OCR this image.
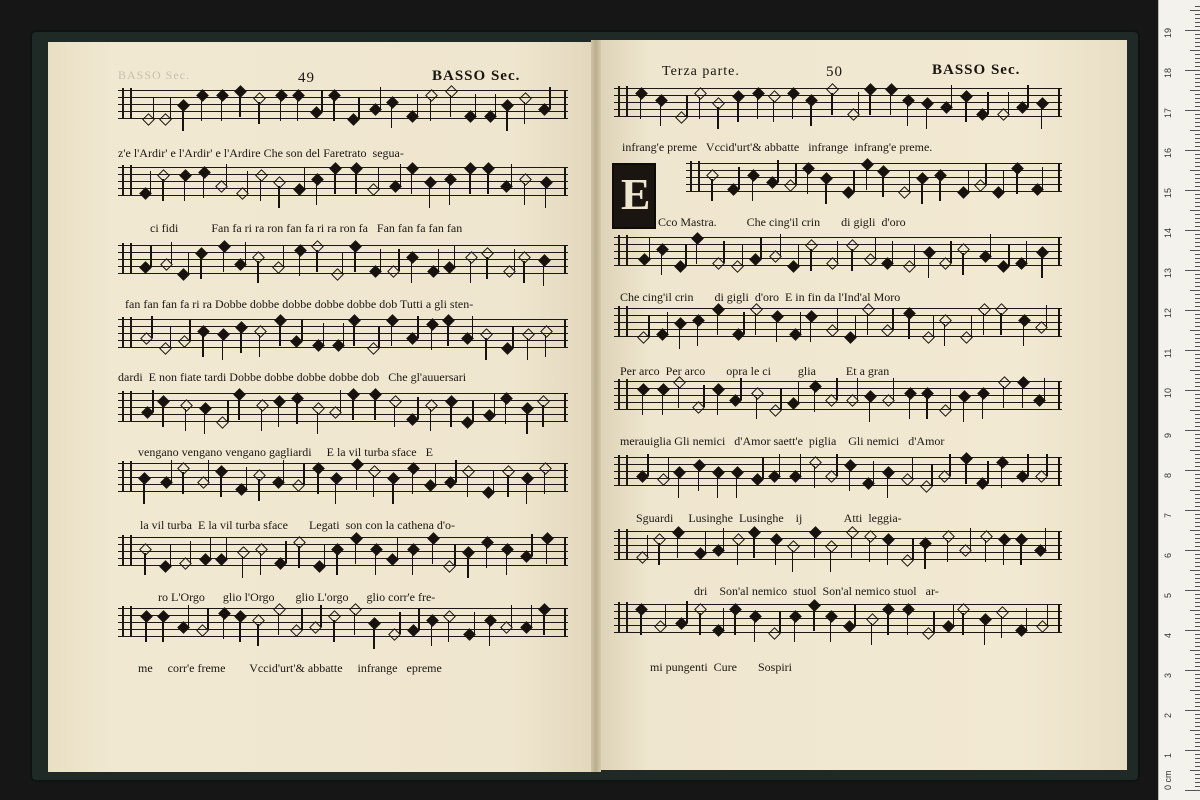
BASSO Sec.	49	BASSO Sec.	Terza parte.	50	BASSO Sec.
E
z'e l'Ardir' e l'Ardir' e l'Ardire Che son del Faretrato  segua-
ci fidi           Fan fa ri ra ron fan fa ri ra ron fa   Fan fan fa fan fan
fan fan fan fa ri ra Dobbe dobbe dobbe dobbe dobbe dob Tutti a gli sten-
dardi  E non fiate tardi Dobbe dobbe dobbe dobbe dob   Che gl'auuersari
vengano vengano vengano gagliardi     E la vil turba sface   E
la vil turba  E la vil turba sface       Legati  son con la cathena d'o-
ro L'Orgo      glio l'Orgo       glio L'orgo      glio corr'e fre-
me     corr'e freme        Vccid'urt'& abbatte     infrange   epreme
infrang'e preme   Vccid'urt'& abbatte   infrange  infrang'e preme.
Cco Mastra.          Che cing'il crin       di gigli  d'oro
Che cing'il crin       di gigli  d'oro  E in fin da l'Ind'al Moro
Per arco  Per arco       opra le ci         glia          Et a gran
merauiglia Gli nemici   d'Amor saett'e  piglia    Gli nemici   d'Amor
Sguardi     Lusinghe  Lusinghe    ij              Atti  leggia-
dri    Son'al nemico  stuol  Son'al nemico stuol   ar-
mi pungenti  Cure       Sospiri
1
2
3
4
5
6
7
8
9
10
11
12
13
14
15
16
17
18
19
0 cm
